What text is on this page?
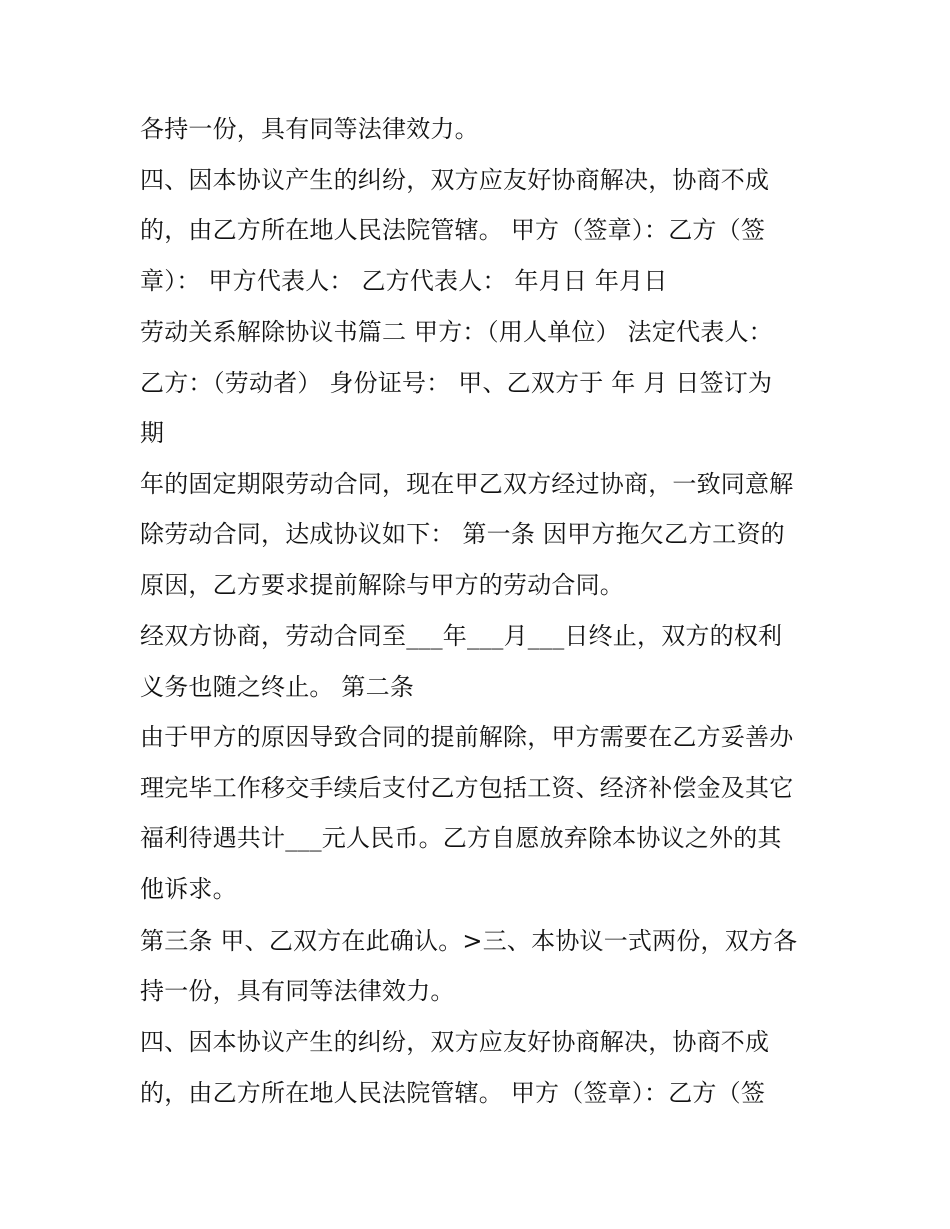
各持一份，具有同等法律效力。

四、因本协议产生的纠纷，双方应友好协商解决，协商不成

的，由乙方所在地人民法院管辖。 甲方（签章）：乙方（签

章）： 甲方代表人： 乙方代表人： 年月日 年月日

劳动关系解除协议书篇二 甲方：（用人单位） 法定代表人：

乙方：（劳动者） 身份证号： 甲、乙双方于 年 月 日签订为

期

年的固定期限劳动合同，现在甲乙双方经过协商，一致同意解

除劳动合同，达成协议如下： 第一条 因甲方拖欠乙方工资的

原因，乙方要求提前解除与甲方的劳动合同。

经双方协商，劳动合同至___年___月___日终止，双方的权利

义务也随之终止。 第二条

由于甲方的原因导致合同的提前解除，甲方需要在乙方妥善办

理完毕工作移交手续后支付乙方包括工资、经济补偿金及其它

福利待遇共计___元人民币。乙方自愿放弃除本协议之外的其

他诉求。

第三条 甲、乙双方在此确认。>三、本协议一式两份，双方各

持一份，具有同等法律效力。

四、因本协议产生的纠纷，双方应友好协商解决，协商不成

的，由乙方所在地人民法院管辖。 甲方（签章）：乙方（签
